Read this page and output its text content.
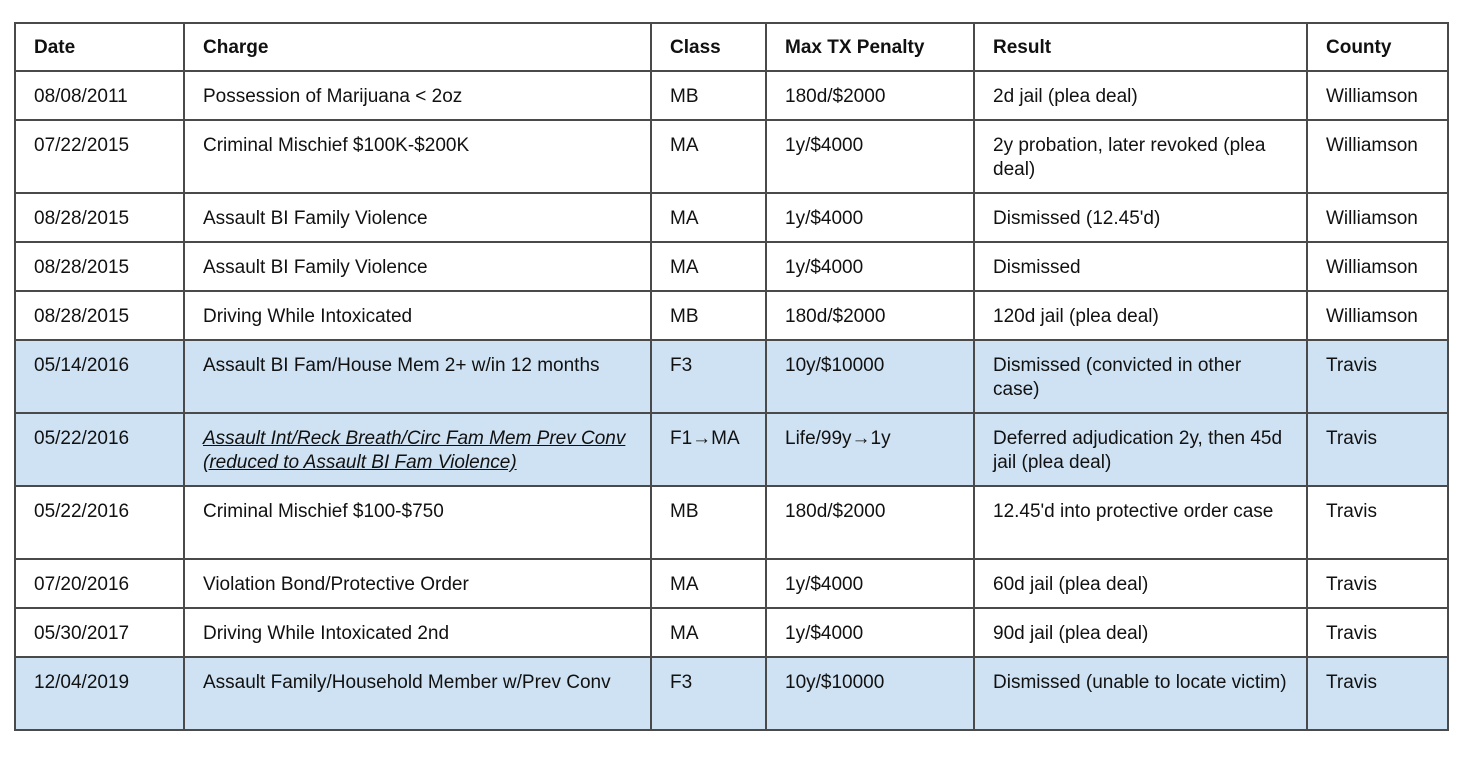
Date	Charge	Class	Max TX Penalty	Result	County
08/08/2011	Possession of Marijuana < 2oz	MB	180d/$2000	2d jail (plea deal)	Williamson
07/22/2015	Criminal Mischief $100K-$200K	MA	1y/$4000	2y probation, later revoked (plea deal)	Williamson
08/28/2015	Assault BI Family Violence	MA	1y/$4000	Dismissed (12.45'd)	Williamson
08/28/2015	Assault BI Family Violence	MA	1y/$4000	Dismissed	Williamson
08/28/2015	Driving While Intoxicated	MB	180d/$2000	120d jail (plea deal)	Williamson
05/14/2016	Assault BI Fam/House Mem 2+ w/in 12 months	F3	10y/$10000	Dismissed (convicted in other case)	Travis
05/22/2016	Assault Int/Reck Breath/Circ Fam Mem Prev Conv (reduced to Assault BI Fam Violence)	F1→MA	Life/99y→1y	Deferred adjudication 2y, then 45d jail (plea deal)	Travis
05/22/2016	Criminal Mischief $100-$750	MB	180d/$2000	12.45'd into protective order case	Travis
07/20/2016	Violation Bond/Protective Order	MA	1y/$4000	60d jail (plea deal)	Travis
05/30/2017	Driving While Intoxicated 2nd	MA	1y/$4000	90d jail (plea deal)	Travis
12/04/2019	Assault Family/Household Member w/Prev Conv	F3	10y/$10000	Dismissed (unable to locate victim)	Travis
